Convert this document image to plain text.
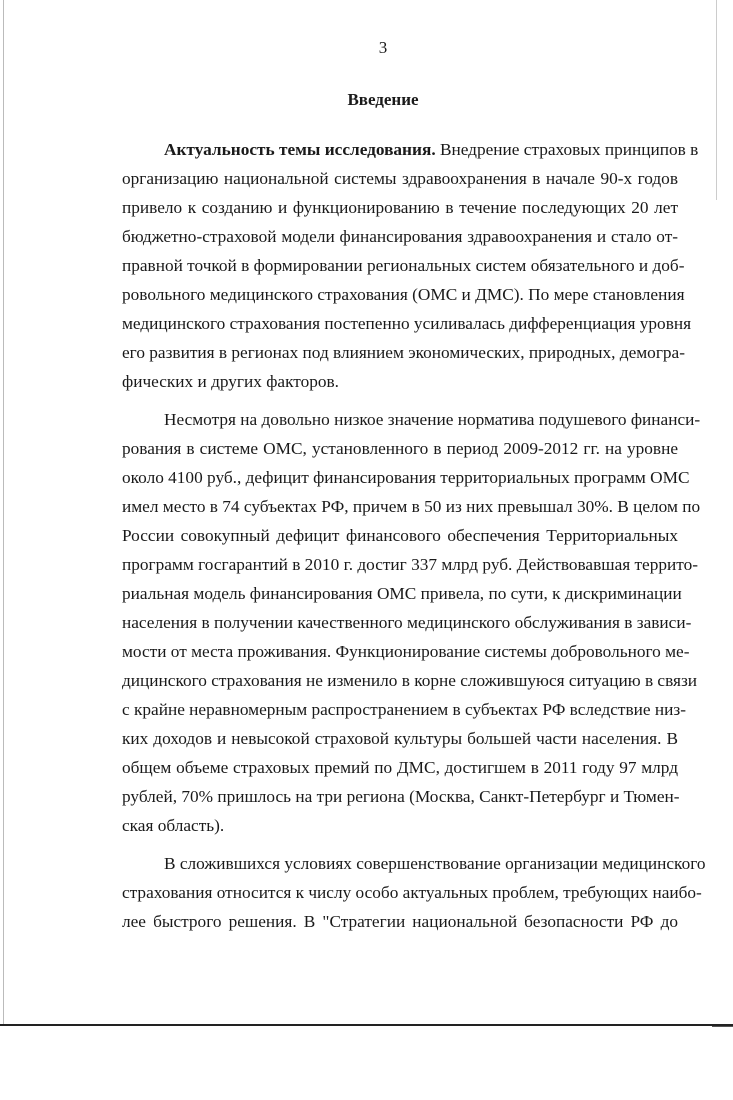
3
Введение
Актуальность темы исследования. Внедрение страховых принципов в
организацию национальной системы здравоохранения в начале 90-х годов
привело к созданию и функционированию в течение последующих 20 лет
бюджетно-страховой модели финансирования здравоохранения и стало от-
правной точкой в формировании региональных систем обязательного и доб-
ровольного медицинского страхования (ОМС и ДМС). По мере становления
медицинского страхования постепенно усиливалась дифференциация уровня
его развития в регионах под влиянием экономических, природных, демогра-
фических и других факторов.
Несмотря на довольно низкое значение норматива подушевого финанси-
рования в системе ОМС, установленного в период 2009-2012 гг. на уровне
около 4100 руб., дефицит финансирования территориальных программ ОМС
имел место в 74 субъектах РФ, причем в 50 из них превышал 30%. В целом по
России совокупный дефицит финансового обеспечения Территориальных
программ госгарантий в 2010 г. достиг 337 млрд руб. Действовавшая террито-
риальная модель финансирования ОМС привела, по сути, к дискриминации
населения в получении качественного медицинского обслуживания в зависи-
мости от места проживания. Функционирование системы добровольного ме-
дицинского страхования не изменило в корне сложившуюся ситуацию в связи
с крайне неравномерным распространением в субъектах РФ вследствие низ-
ких доходов и невысокой страховой культуры большей части населения. В
общем объеме страховых премий по ДМС, достигшем в 2011 году 97 млрд
рублей, 70% пришлось на три региона (Москва, Санкт-Петербург и Тюмен-
ская область).
В сложившихся условиях совершенствование организации медицинского
страхования относится к числу особо актуальных проблем, требующих наибо-
лее быстрого решения. В "Стратегии национальной безопасности РФ до
